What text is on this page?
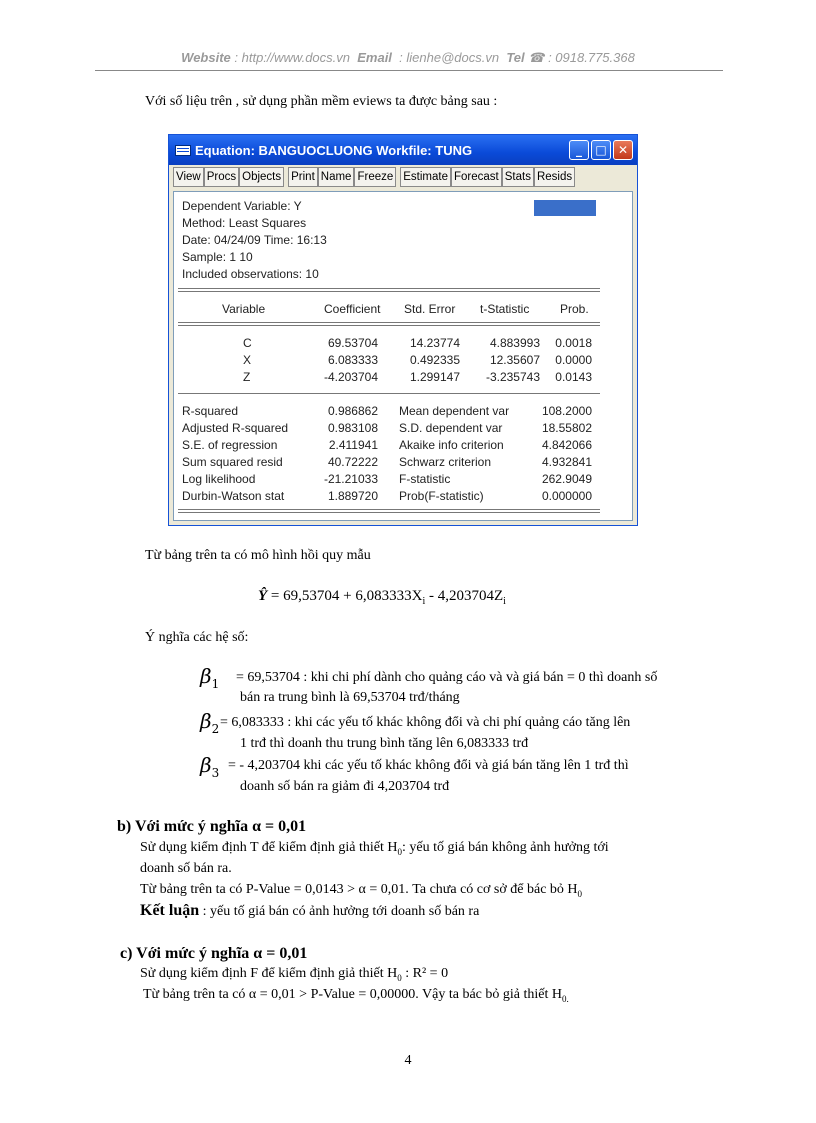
Website : http://www.docs.vn Email : lienhe@docs.vn Tel ☎ : 0918.775.368
Với số liệu trên , sử dụng phần mềm eviews ta được bảng sau :
Equation: BANGUOCLUONG Workfile: TUNG	_	□ ✕
View Procs Objects Print Name Freeze Estimate Forecast Stats Resids
Dependent Variable: Y
Method: Least Squares
Date: 04/24/09 Time: 16:13
Sample: 1 10
Included observations: 10
Variable	Coefficient Std. Error t-Statistic	Prob.
C	69.53704	14.23774 4.883993 0.0018
X	6.083333	0.492335 12.35607 0.0000
Z	-4.203704	1.299147 -3.235743 0.0143
R-squared	0.986862 Mean dependent var	108.2000
Adjusted R-squared	0.983108 S.D. dependent var	18.55802
S.E. of regression	2.411941 Akaike info criterion	4.842066
Sum squared resid	40.72222 Schwarz criterion	4.932841
Log likelihood	-21.21033 F-statistic	262.9049
Durbin-Watson stat	1.889720 Prob(F-statistic)	0.000000
Từ bảng trên ta có mô hình hồi quy mẫu
Ŷ = $69,53704 + 6,083333X_i - 4,203704Z_i$
Ý nghĩa các hệ số:
$\beta_1 = 69,53704$ : khi chi phí dành cho quảng cáo và và giá bán = 0 thì doanh số
bán ra trung bình là 69,53704 trđ/tháng
$\beta_2 = 6,083333$ : khi các yếu tố khác không đổi và chi phí quảng cáo tăng lên
1 trđ thì doanh thu trung bình tăng lên 6,083333 trđ
$\beta_3$ = - 4,203704 khi các yếu tố khác không đổi và giá bán tăng lên 1 trđ thì
doanh số bán ra giảm đi 4,203704 trđ
b) Với mức ý nghĩa α = 0,01
Sử dụng kiểm định T để kiểm định giả thiết $H_0$: yếu tố giá bán không ảnh hưởng tới
doanh số bán ra.
Từ bảng trên ta có P-Value = 0,0143 > α = 0,01. Ta chưa có cơ sở để bác bỏ $H_0$
Kết luận : yếu tố giá bán có ảnh hưởng tới doanh số bán ra
c) Với mức ý nghĩa α = 0,01
Sử dụng kiểm định F để kiểm định giả thiết $H_0$ : R² = 0
Từ bảng trên ta có α = 0,01 > P-Value = 0,00000. Vậy ta bác bỏ giả thiết $H_{0.}$
4
